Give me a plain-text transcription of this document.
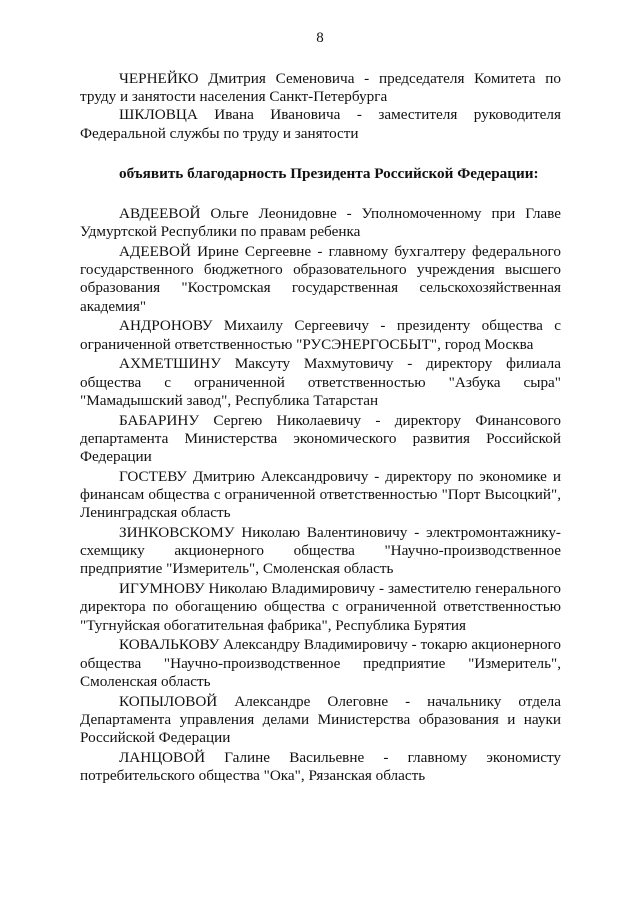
8

ЧЕРНЕЙКО Дмитрия Семеновича - председателя Комитета по труду и занятости населения Санкт-Петербурга

ШКЛОВЦА Ивана Ивановича - заместителя руководителя Федеральной службы по труду и занятости

объявить благодарность Президента Российской Федерации:

АВДЕЕВОЙ Ольге Леонидовне - Уполномоченному при Главе Удмуртской Республики по правам ребенка

АДЕЕВОЙ Ирине Сергеевне - главному бухгалтеру федерального государственного бюджетного образовательного учреждения высшего образования "Костромская государственная сельскохозяйственная академия"

АНДРОНОВУ Михаилу Сергеевичу - президенту общества с ограниченной ответственностью "РУСЭНЕРГОСБЫТ", город Москва

АХМЕТШИНУ Максуту Махмутовичу - директору филиала общества с ограниченной ответственностью "Азбука сыра" "Мамадышский завод", Республика Татарстан

БАБАРИНУ Сергею Николаевичу - директору Финансового департамента Министерства экономического развития Российской Федерации

ГОСТЕВУ Дмитрию Александровичу - директору по экономике и финансам общества с ограниченной ответственностью "Порт Высоцкий", Ленинградская область

ЗИНКОВСКОМУ Николаю Валентиновичу - электромонтажнику-схемщику акционерного общества "Научно-производственное предприятие "Измеритель", Смоленская область

ИГУМНОВУ Николаю Владимировичу - заместителю генерального директора по обогащению общества с ограниченной ответственностью "Тугнуйская обогатительная фабрика", Республика Бурятия

КОВАЛЬКОВУ Александру Владимировичу - токарю акционерного общества "Научно-производственное предприятие "Измеритель", Смоленская область

КОПЫЛОВОЙ Александре Олеговне - начальнику отдела Департамента управления делами Министерства образования и науки Российской Федерации

ЛАНЦОВОЙ Галине Васильевне - главному экономисту потребительского общества "Ока", Рязанская область
